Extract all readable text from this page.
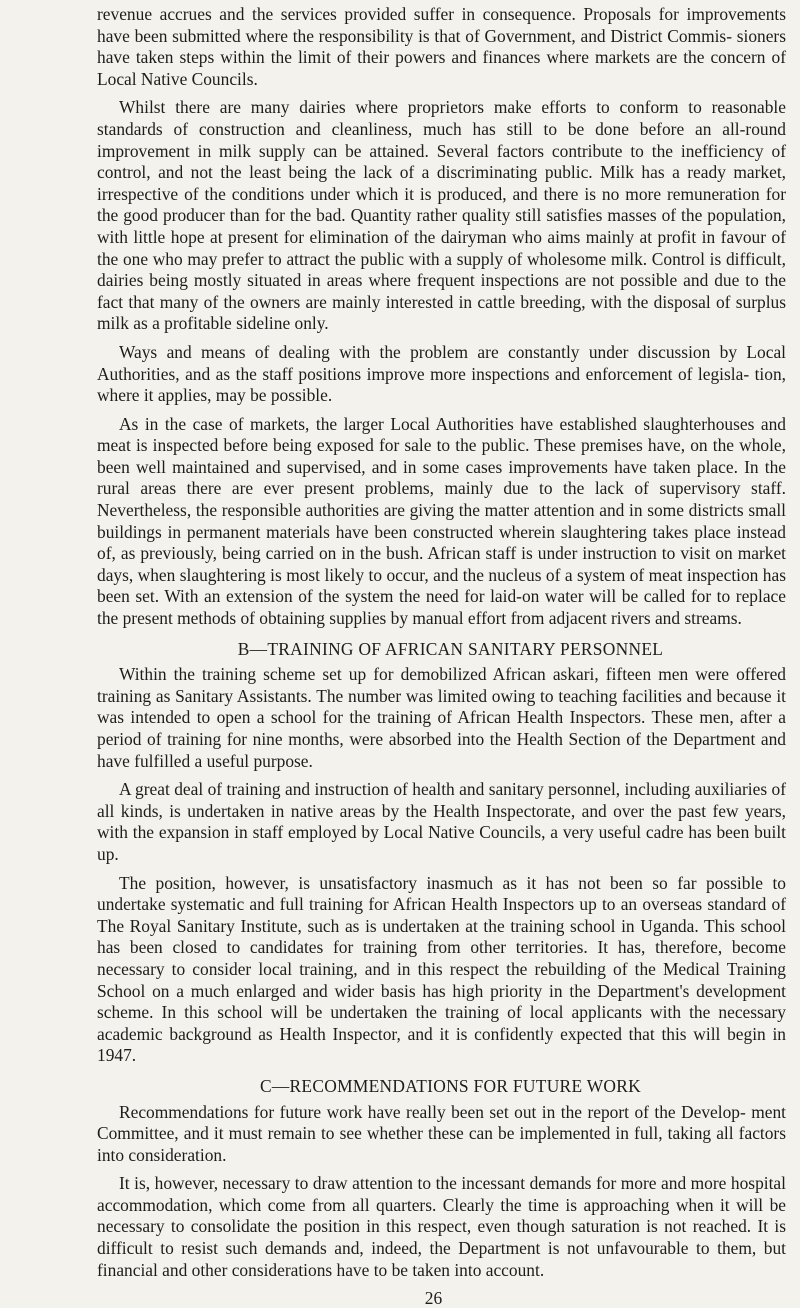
revenue accrues and the services provided suffer in consequence. Proposals for improvements have been submitted where the responsibility is that of Government, and District Commis- sioners have taken steps within the limit of their powers and finances where markets are the concern of Local Native Councils.

Whilst there are many dairies where proprietors make efforts to conform to reasonable standards of construction and cleanliness, much has still to be done before an all-round improvement in milk supply can be attained. Several factors contribute to the inefficiency of control, and not the least being the lack of a discriminating public. Milk has a ready market, irrespective of the conditions under which it is produced, and there is no more remuneration for the good producer than for the bad. Quantity rather quality still satisfies masses of the population, with little hope at present for elimination of the dairyman who aims mainly at profit in favour of the one who may prefer to attract the public with a supply of wholesome milk. Control is difficult, dairies being mostly situated in areas where frequent inspections are not possible and due to the fact that many of the owners are mainly interested in cattle breeding, with the disposal of surplus milk as a profitable sideline only.

Ways and means of dealing with the problem are constantly under discussion by Local Authorities, and as the staff positions improve more inspections and enforcement of legisla- tion, where it applies, may be possible.

As in the case of markets, the larger Local Authorities have established slaughterhouses and meat is inspected before being exposed for sale to the public. These premises have, on the whole, been well maintained and supervised, and in some cases improvements have taken place. In the rural areas there are ever present problems, mainly due to the lack of supervisory staff. Nevertheless, the responsible authorities are giving the matter attention and in some districts small buildings in permanent materials have been constructed wherein slaughtering takes place instead of, as previously, being carried on in the bush. African staff is under instruction to visit on market days, when slaughtering is most likely to occur, and the nucleus of a system of meat inspection has been set. With an extension of the system the need for laid-on water will be called for to replace the present methods of obtaining supplies by manual effort from adjacent rivers and streams.

B—TRAINING OF AFRICAN SANITARY PERSONNEL

Within the training scheme set up for demobilized African askari, fifteen men were offered training as Sanitary Assistants. The number was limited owing to teaching facilities and because it was intended to open a school for the training of African Health Inspectors. These men, after a period of training for nine months, were absorbed into the Health Section of the Department and have fulfilled a useful purpose.

A great deal of training and instruction of health and sanitary personnel, including auxiliaries of all kinds, is undertaken in native areas by the Health Inspectorate, and over the past few years, with the expansion in staff employed by Local Native Councils, a very useful cadre has been built up.

The position, however, is unsatisfactory inasmuch as it has not been so far possible to undertake systematic and full training for African Health Inspectors up to an overseas standard of The Royal Sanitary Institute, such as is undertaken at the training school in Uganda. This school has been closed to candidates for training from other territories. It has, therefore, become necessary to consider local training, and in this respect the rebuilding of the Medical Training School on a much enlarged and wider basis has high priority in the Department's development scheme. In this school will be undertaken the training of local applicants with the necessary academic background as Health Inspector, and it is confidently expected that this will begin in 1947.

C—RECOMMENDATIONS FOR FUTURE WORK

Recommendations for future work have really been set out in the report of the Develop- ment Committee, and it must remain to see whether these can be implemented in full, taking all factors into consideration.

It is, however, necessary to draw attention to the incessant demands for more and more hospital accommodation, which come from all quarters. Clearly the time is approaching when it will be necessary to consolidate the position in this respect, even though saturation is not reached. It is difficult to resist such demands and, indeed, the Department is not unfavourable to them, but financial and other considerations have to be taken into account.

26
